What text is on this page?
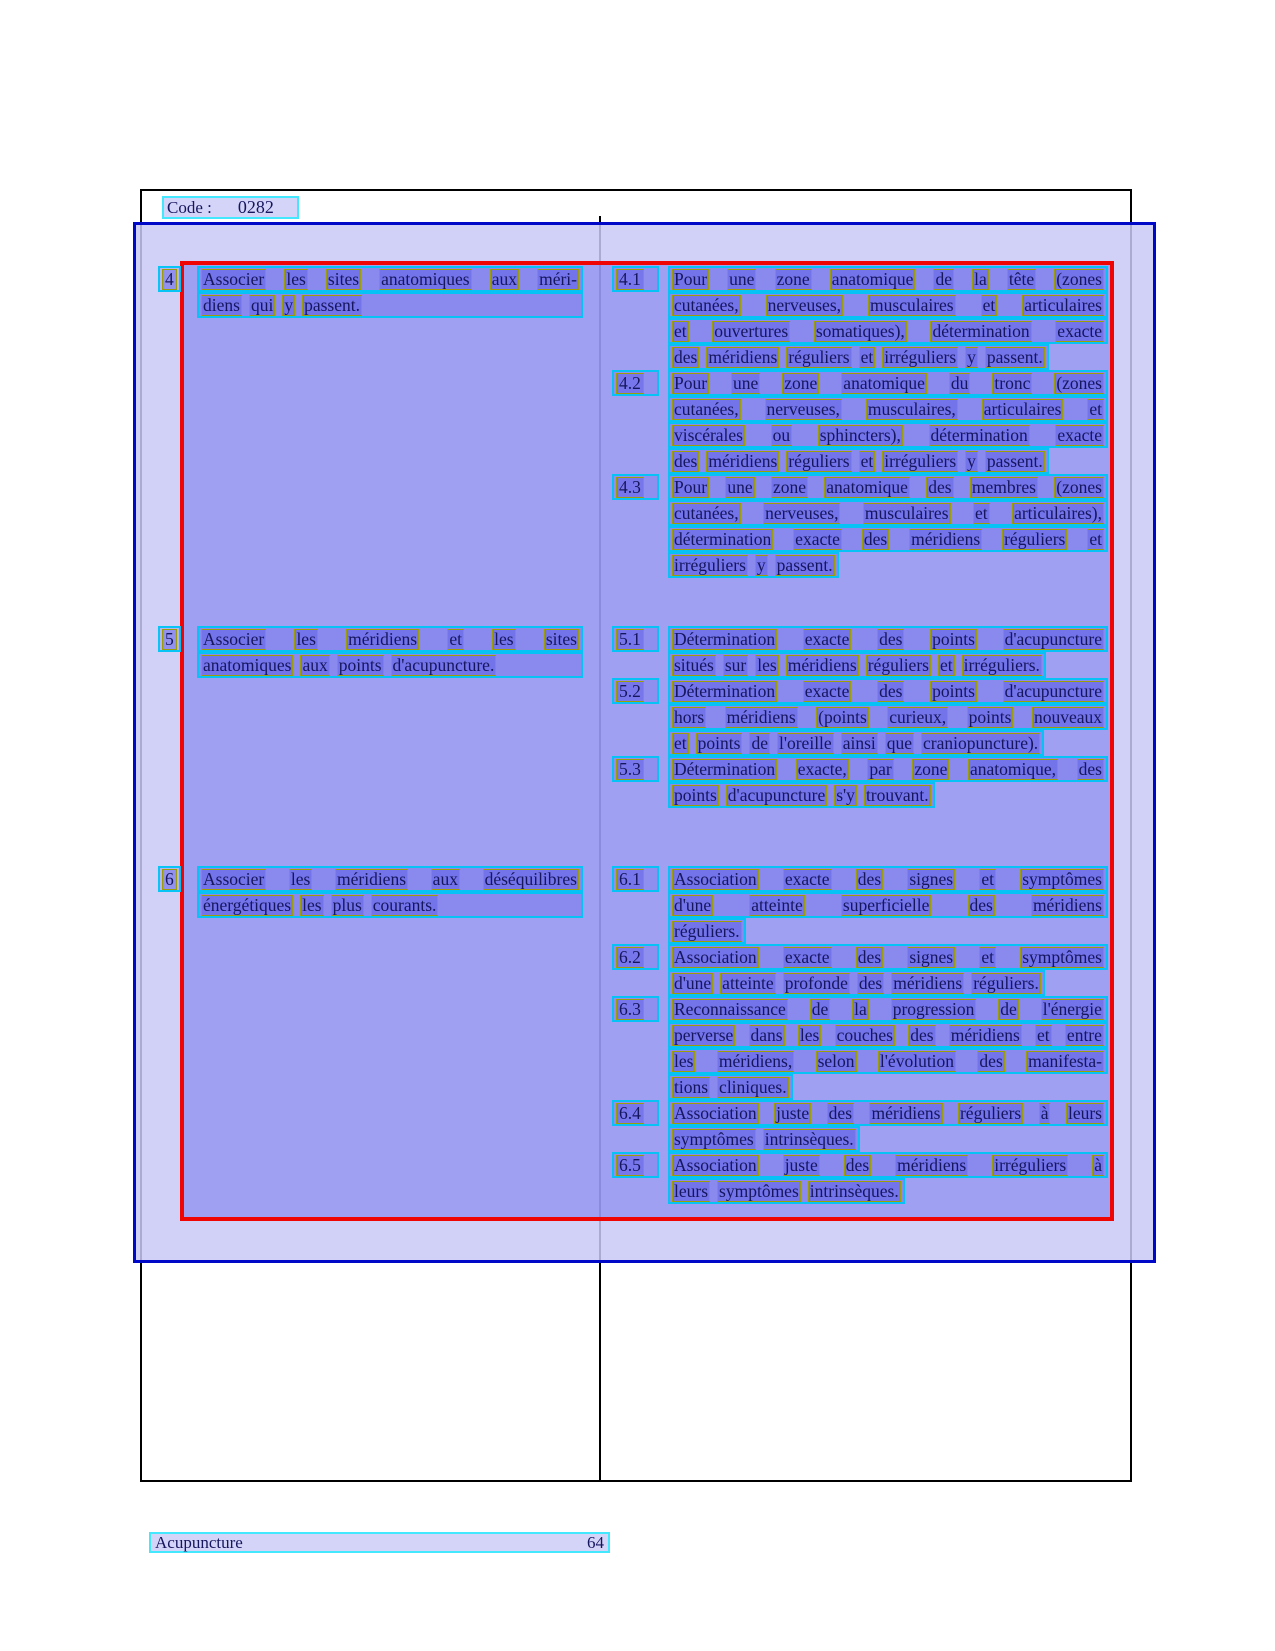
Code : 0282
4 Associer les sites anatomiques aux méri-
diens qui y passent.
4.1 Pour une zone anatomique de la tête (zones
cutanées, nerveuses, musculaires et articulaires
et ouvertures somatiques), détermination exacte
des méridiens réguliers et irréguliers y passent.
4.2 Pour une zone anatomique du tronc (zones
cutanées, nerveuses, musculaires, articulaires et
viscérales ou sphincters), détermination exacte
des méridiens réguliers et irréguliers y passent.
4.3 Pour une zone anatomique des membres (zones
cutanées, nerveuses, musculaires et articulaires),
détermination exacte des méridiens réguliers et
irréguliers y passent.
5 Associer les méridiens et les sites
anatomiques aux points d'acupuncture.
5.1 Détermination exacte des points d'acupuncture
situés sur les méridiens réguliers et irréguliers.
5.2 Détermination exacte des points d'acupuncture
hors méridiens (points curieux, points nouveaux
et points de l'oreille ainsi que craniopuncture).
5.3 Détermination exacte, par zone anatomique, des
points d'acupuncture s'y trouvant.
6 Associer les méridiens aux déséquilibres
énergétiques les plus courants.
6.1 Association exacte des signes et symptômes
d'une atteinte superficielle des méridiens
réguliers.
6.2 Association exacte des signes et symptômes
d'une atteinte profonde des méridiens réguliers.
6.3 Reconnaissance de la progression de l'énergie
perverse dans les couches des méridiens et entre
les méridiens, selon l'évolution des manifesta-
tions cliniques.
6.4 Association juste des méridiens réguliers à leurs
symptômes intrinsèques.
6.5 Association juste des méridiens irréguliers à
leurs symptômes intrinsèques.
Acupuncture	64
